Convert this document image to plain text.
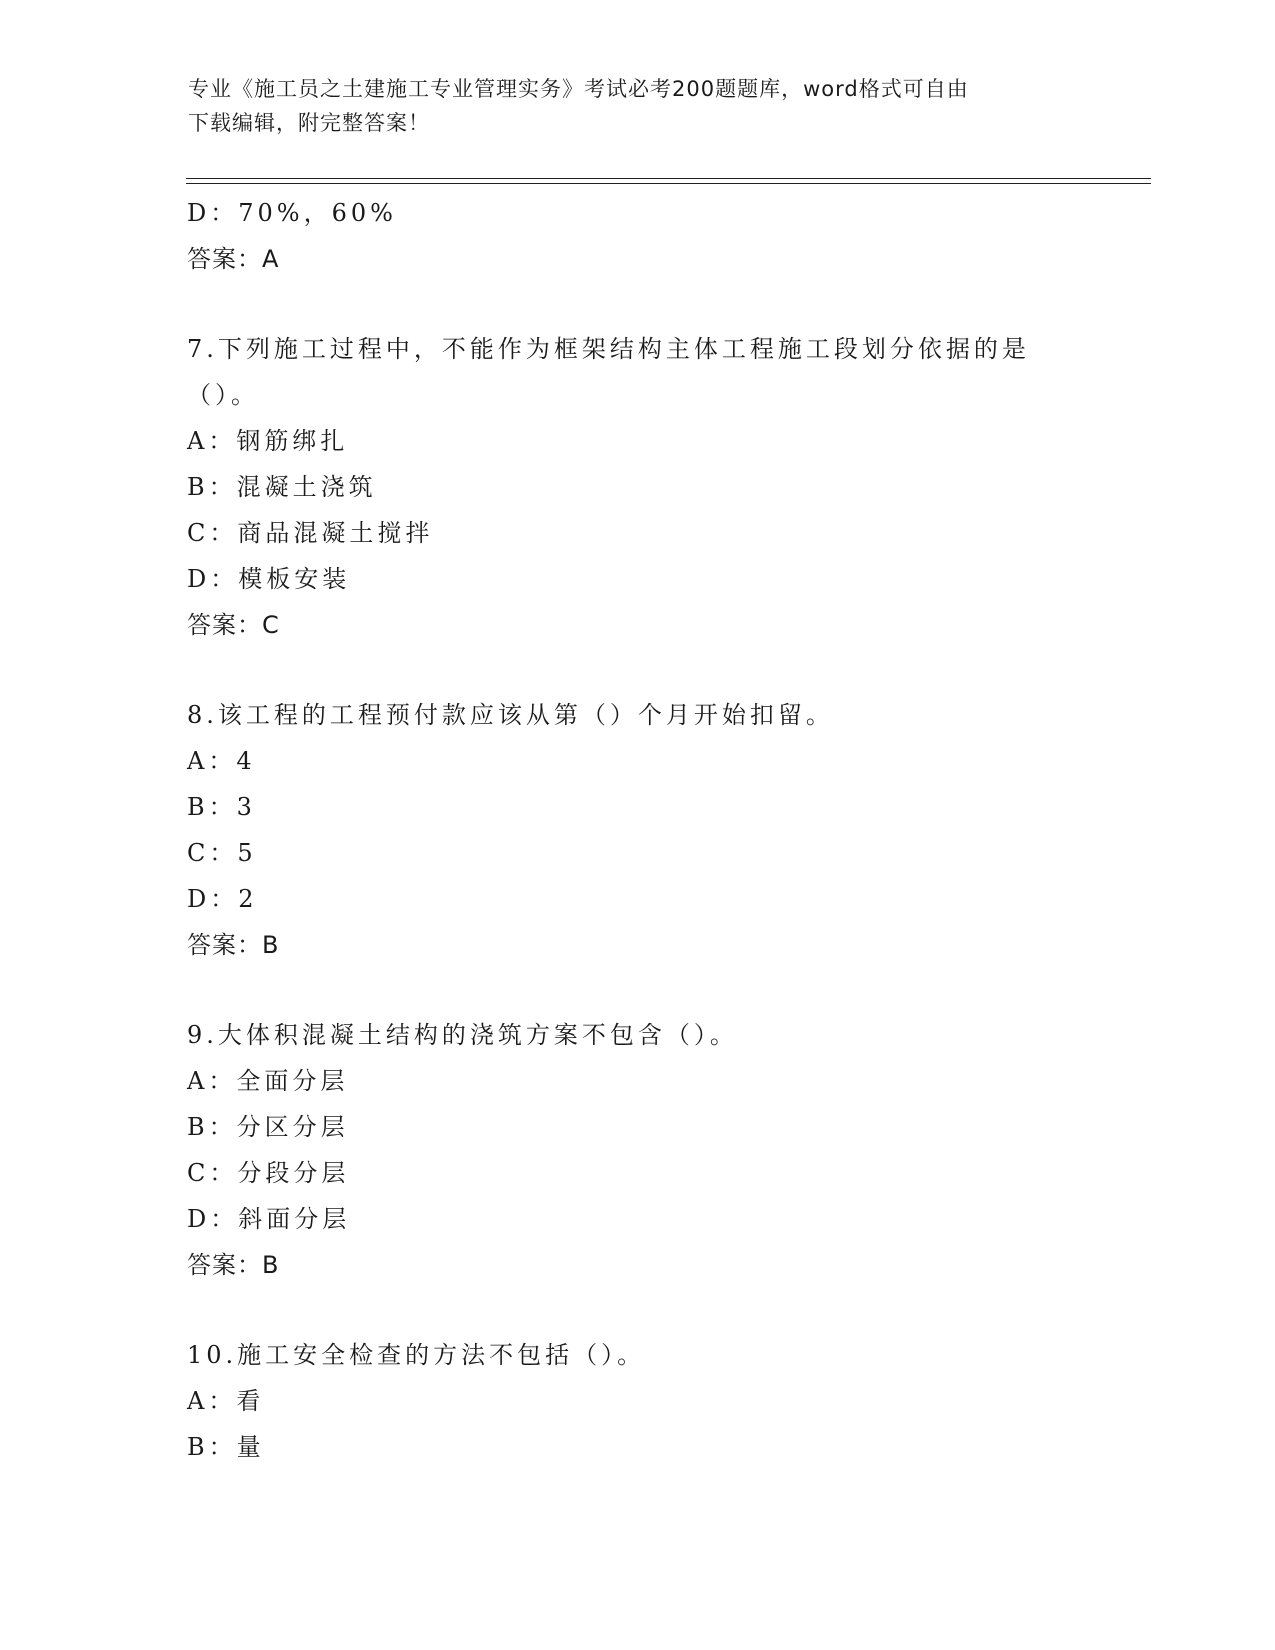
专业《施工员之土建施工专业管理实务》考试必考200题题库，word格式可自由
下载编辑，附完整答案！
D：70%，60%
答案：A
7.下列施工过程中，不能作为框架结构主体工程施工段划分依据的是
（）。
A：钢筋绑扎
B：混凝土浇筑
C：商品混凝土搅拌
D：模板安装
答案：C
8.该工程的工程预付款应该从第（）个月开始扣留。
A：4
B：3
C：5
D：2
答案：B
9.大体积混凝土结构的浇筑方案不包含（）。
A：全面分层
B：分区分层
C：分段分层
D：斜面分层
答案：B
10.施工安全检查的方法不包括（）。
A：看
B：量
